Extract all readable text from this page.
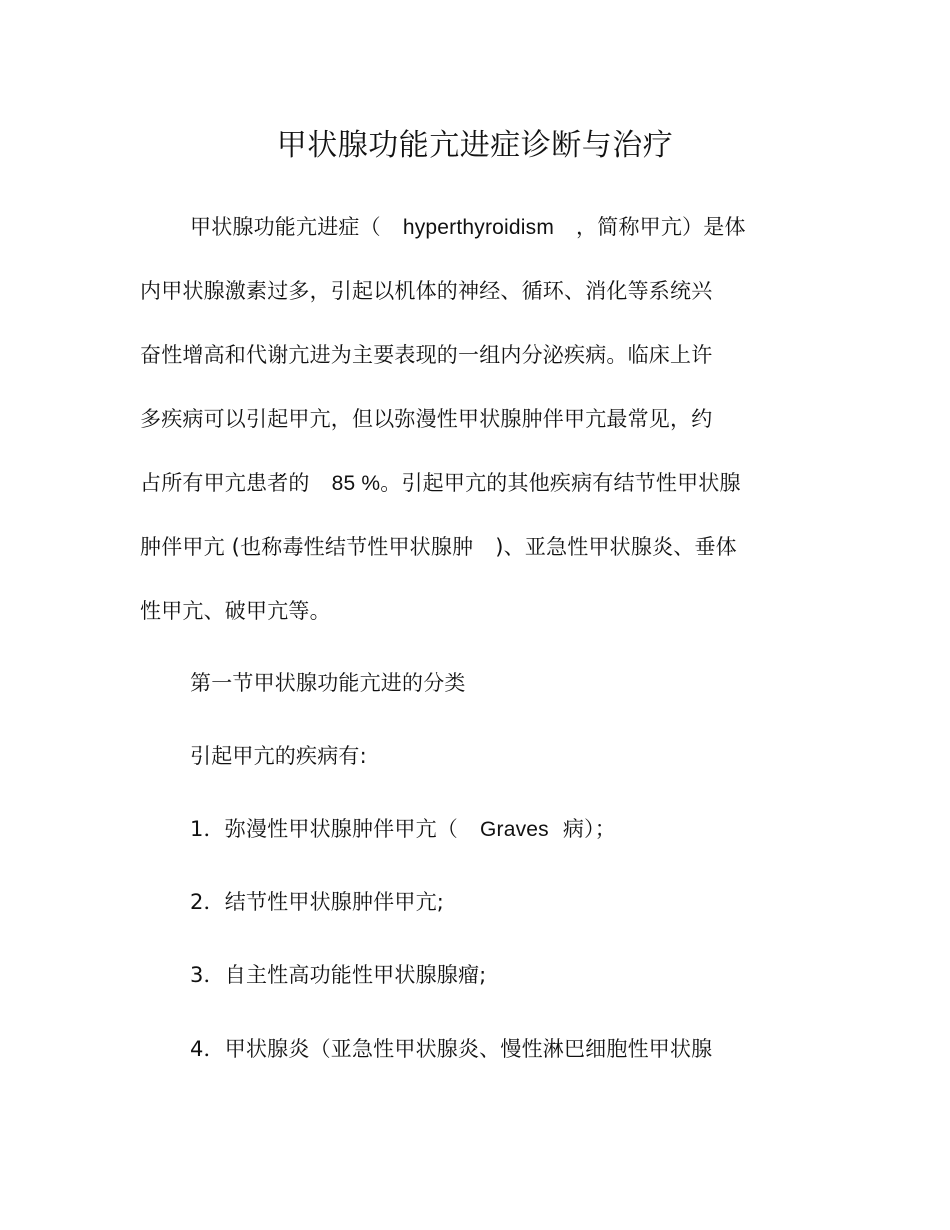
甲状腺功能亢进症诊断与治疗
甲状腺功能亢进症（ hyperthyroidism ，简称甲亢）是体
内甲状腺激素过多，引起以机体的神经、循环、消化等系统兴
奋性增高和代谢亢进为主要表现的一组内分泌疾病。临床上许
多疾病可以引起甲亢，但以弥漫性甲状腺肿伴甲亢最常见，约
占所有甲亢患者的 85 %。引起甲亢的其他疾病有结节性甲状腺
肿伴甲亢 (也称毒性结节性甲状腺肿 )、亚急性甲状腺炎、垂体
性甲亢、破甲亢等。
第一节甲状腺功能亢进的分类
引起甲亢的疾病有:
1．弥漫性甲状腺肿伴甲亢（ Graves 病）；
2．结节性甲状腺肿伴甲亢;
3．自主性高功能性甲状腺腺瘤;
4．甲状腺炎（亚急性甲状腺炎、慢性淋巴细胞性甲状腺
